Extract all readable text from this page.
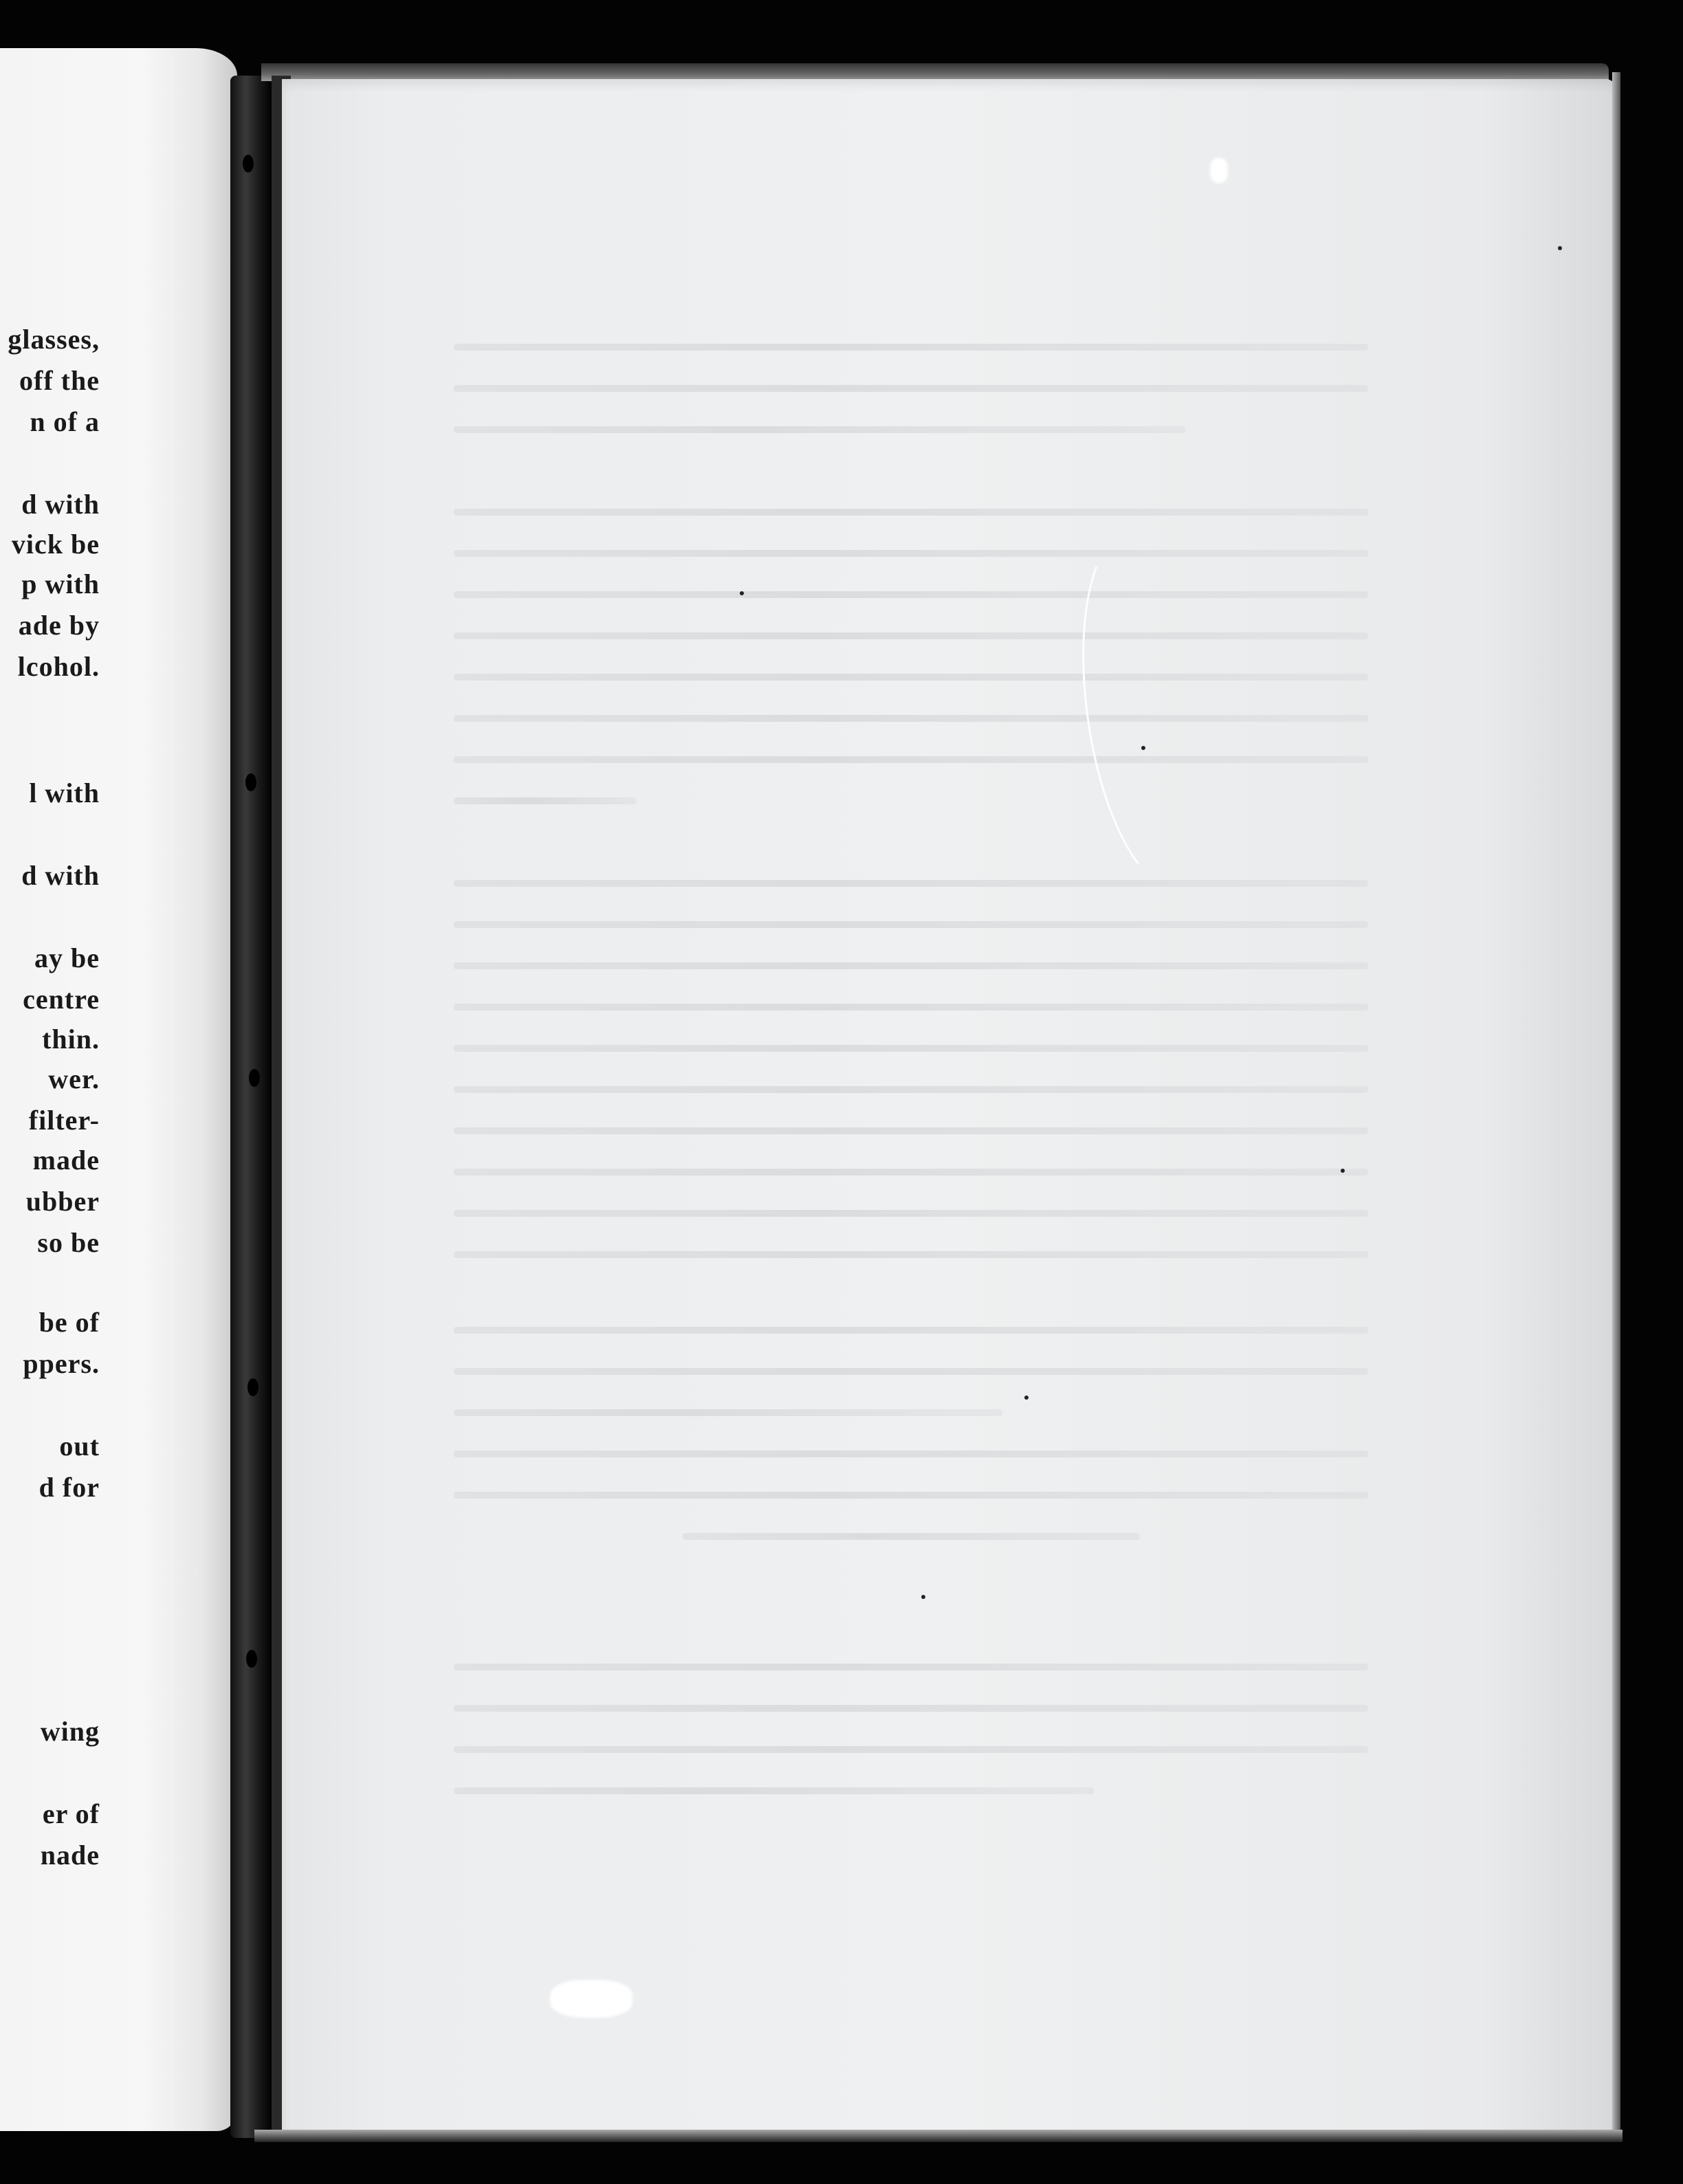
glasses,
off the
n of a
d with
vick be
p with
ade by
lcohol.
l with
d with
ay be
centre
thin.
wer.
filter-
made
ubber
so be
be of
ppers.
out
d for
wing
er of
nade
